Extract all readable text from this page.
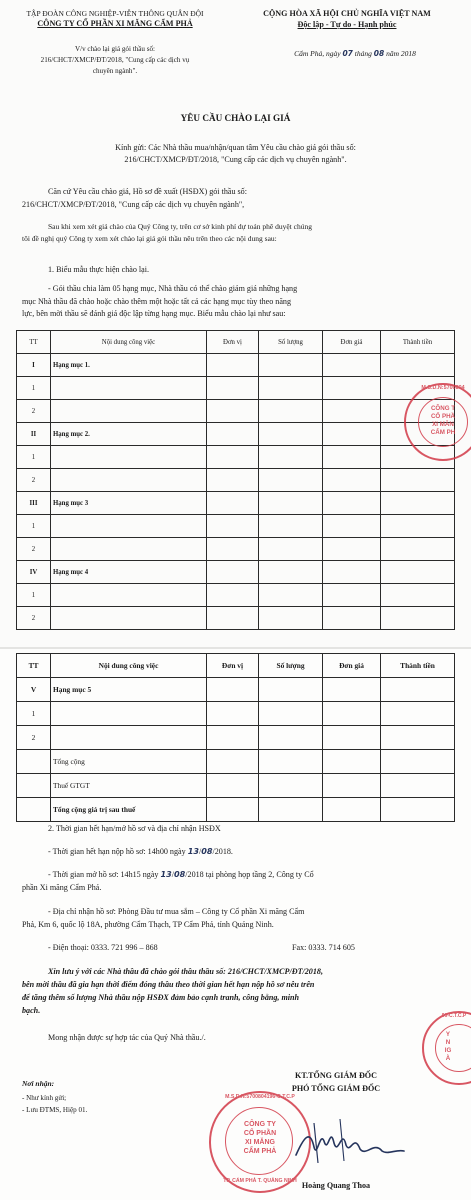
TẬP ĐOÀN CÔNG NGHIỆP-VIỄN THÔNG QUÂN ĐỘI
CÔNG TY CỔ PHẦN XI MĂNG CẨM PHẢ
CỘNG HÒA XÃ HỘI CHỦ NGHĨA VIỆT NAM
Độc lập - Tự do - Hạnh phúc
V/v chào lại giá gói thầu số:
216/CHCT/XMCP/ĐT/2018, "Cung cấp các dịch vụ
chuyên ngành".
Cẩm Phả, ngày 07 tháng 08 năm 2018
YÊU CẦU CHÀO LẠI GIÁ
Kính gửi: Các Nhà thầu mua/nhận/quan tâm Yêu cầu chào giá gói thầu số:
216/CHCT/XMCP/ĐT/2018, "Cung cấp các dịch vụ chuyên ngành".
Căn cứ Yêu cầu chào giá, Hồ sơ đề xuất (HSĐX) gói thầu số:
216/CHCT/XMCP/ĐT/2018, "Cung cấp các dịch vụ chuyên ngành",
Sau khi xem xét giá chào của Quý Công ty, trên cơ sở kinh phí dự toán phê duyệt chúng
tôi đề nghị quý Công ty xem xét chào lại giá gói thầu nêu trên theo các nội dung sau:
1. Biểu mẫu thực hiện chào lại.
- Gói thầu chia làm 05 hạng mục, Nhà thầu có thể chào giảm giá những hạng
mục Nhà thầu đã chào hoặc chào thêm một hoặc tất cả các hạng mục tùy theo năng
lực, bên mời thầu sẽ đánh giá độc lập từng hạng mục. Biểu mẫu chào lại như sau:
TT	Nội dung công việc	Đơn vị	Số lượng	Đơn giá	Thành tiền
I	Hạng mục 1.				
1					
2					
II	Hạng mục 2.				
1					
2					
III	Hạng mục 3				
1					
2					
IV	Hạng mục 4				
1					
2					
CÔNG T
CỔ PHẦ
XI MĂN
CẨM PH
M.S.D.N:5700804
TT	Nội dung công việc	Đơn vị	Số lượng	Đơn giá	Thành tiền
V	Hạng mục 5				
1					
2					
	Tổng cộng				
	Thuế GTGT				
	Tổng cộng giá trị sau thuế				
2. Thời gian hết hạn/mở hồ sơ và địa chỉ nhận HSĐX
- Thời gian hết hạn nộp hồ sơ: 14h00 ngày 13/08/2018.
- Thời gian mở hồ sơ: 14h15 ngày 13/08/2018 tại phòng họp tầng 2, Công ty Cổ
phần Xi măng Cẩm Phả.
- Địa chỉ nhận hồ sơ: Phòng Đầu tư mua sắm – Công ty Cổ phần Xi măng Cẩm
Phả, Km 6, quốc lộ 18A, phường Cẩm Thạch, TP Cẩm Phả, tỉnh Quảng Ninh.
- Điện thoại: 0333. 721 996 – 868	Fax: 0333. 714 605
Xin lưu ý với các Nhà thầu đã chào gói thầu thầu số: 216/CHCT/XMCP/ĐT/2018,
bên mời thầu đã gia hạn thời điểm đóng thầu theo thời gian hết hạn nộp hồ sơ nêu trên
để tăng thêm số lượng Nhà thầu nộp HSĐX đảm bảo cạnh tranh, công bằng, minh
bạch.
Mong nhận được sự hợp tác của Quý Nhà thầu./.
Nơi nhận:
- Như kính gửi;
- Lưu ĐTMS, Hiệp 01.
KT.TỔNG GIÁM ĐỐC
PHÓ TỔNG GIÁM ĐỐC
CÔNG TY
CỔ PHẦN
XI MĂNG
CẨM PHẢ
M.S.D.N:5700804196-C.T.C.P
TP. CẨM PHẢ T. QUẢNG NINH Hoàng Quang Thoa
Y
N
IG
À
96-C.T.C.P
